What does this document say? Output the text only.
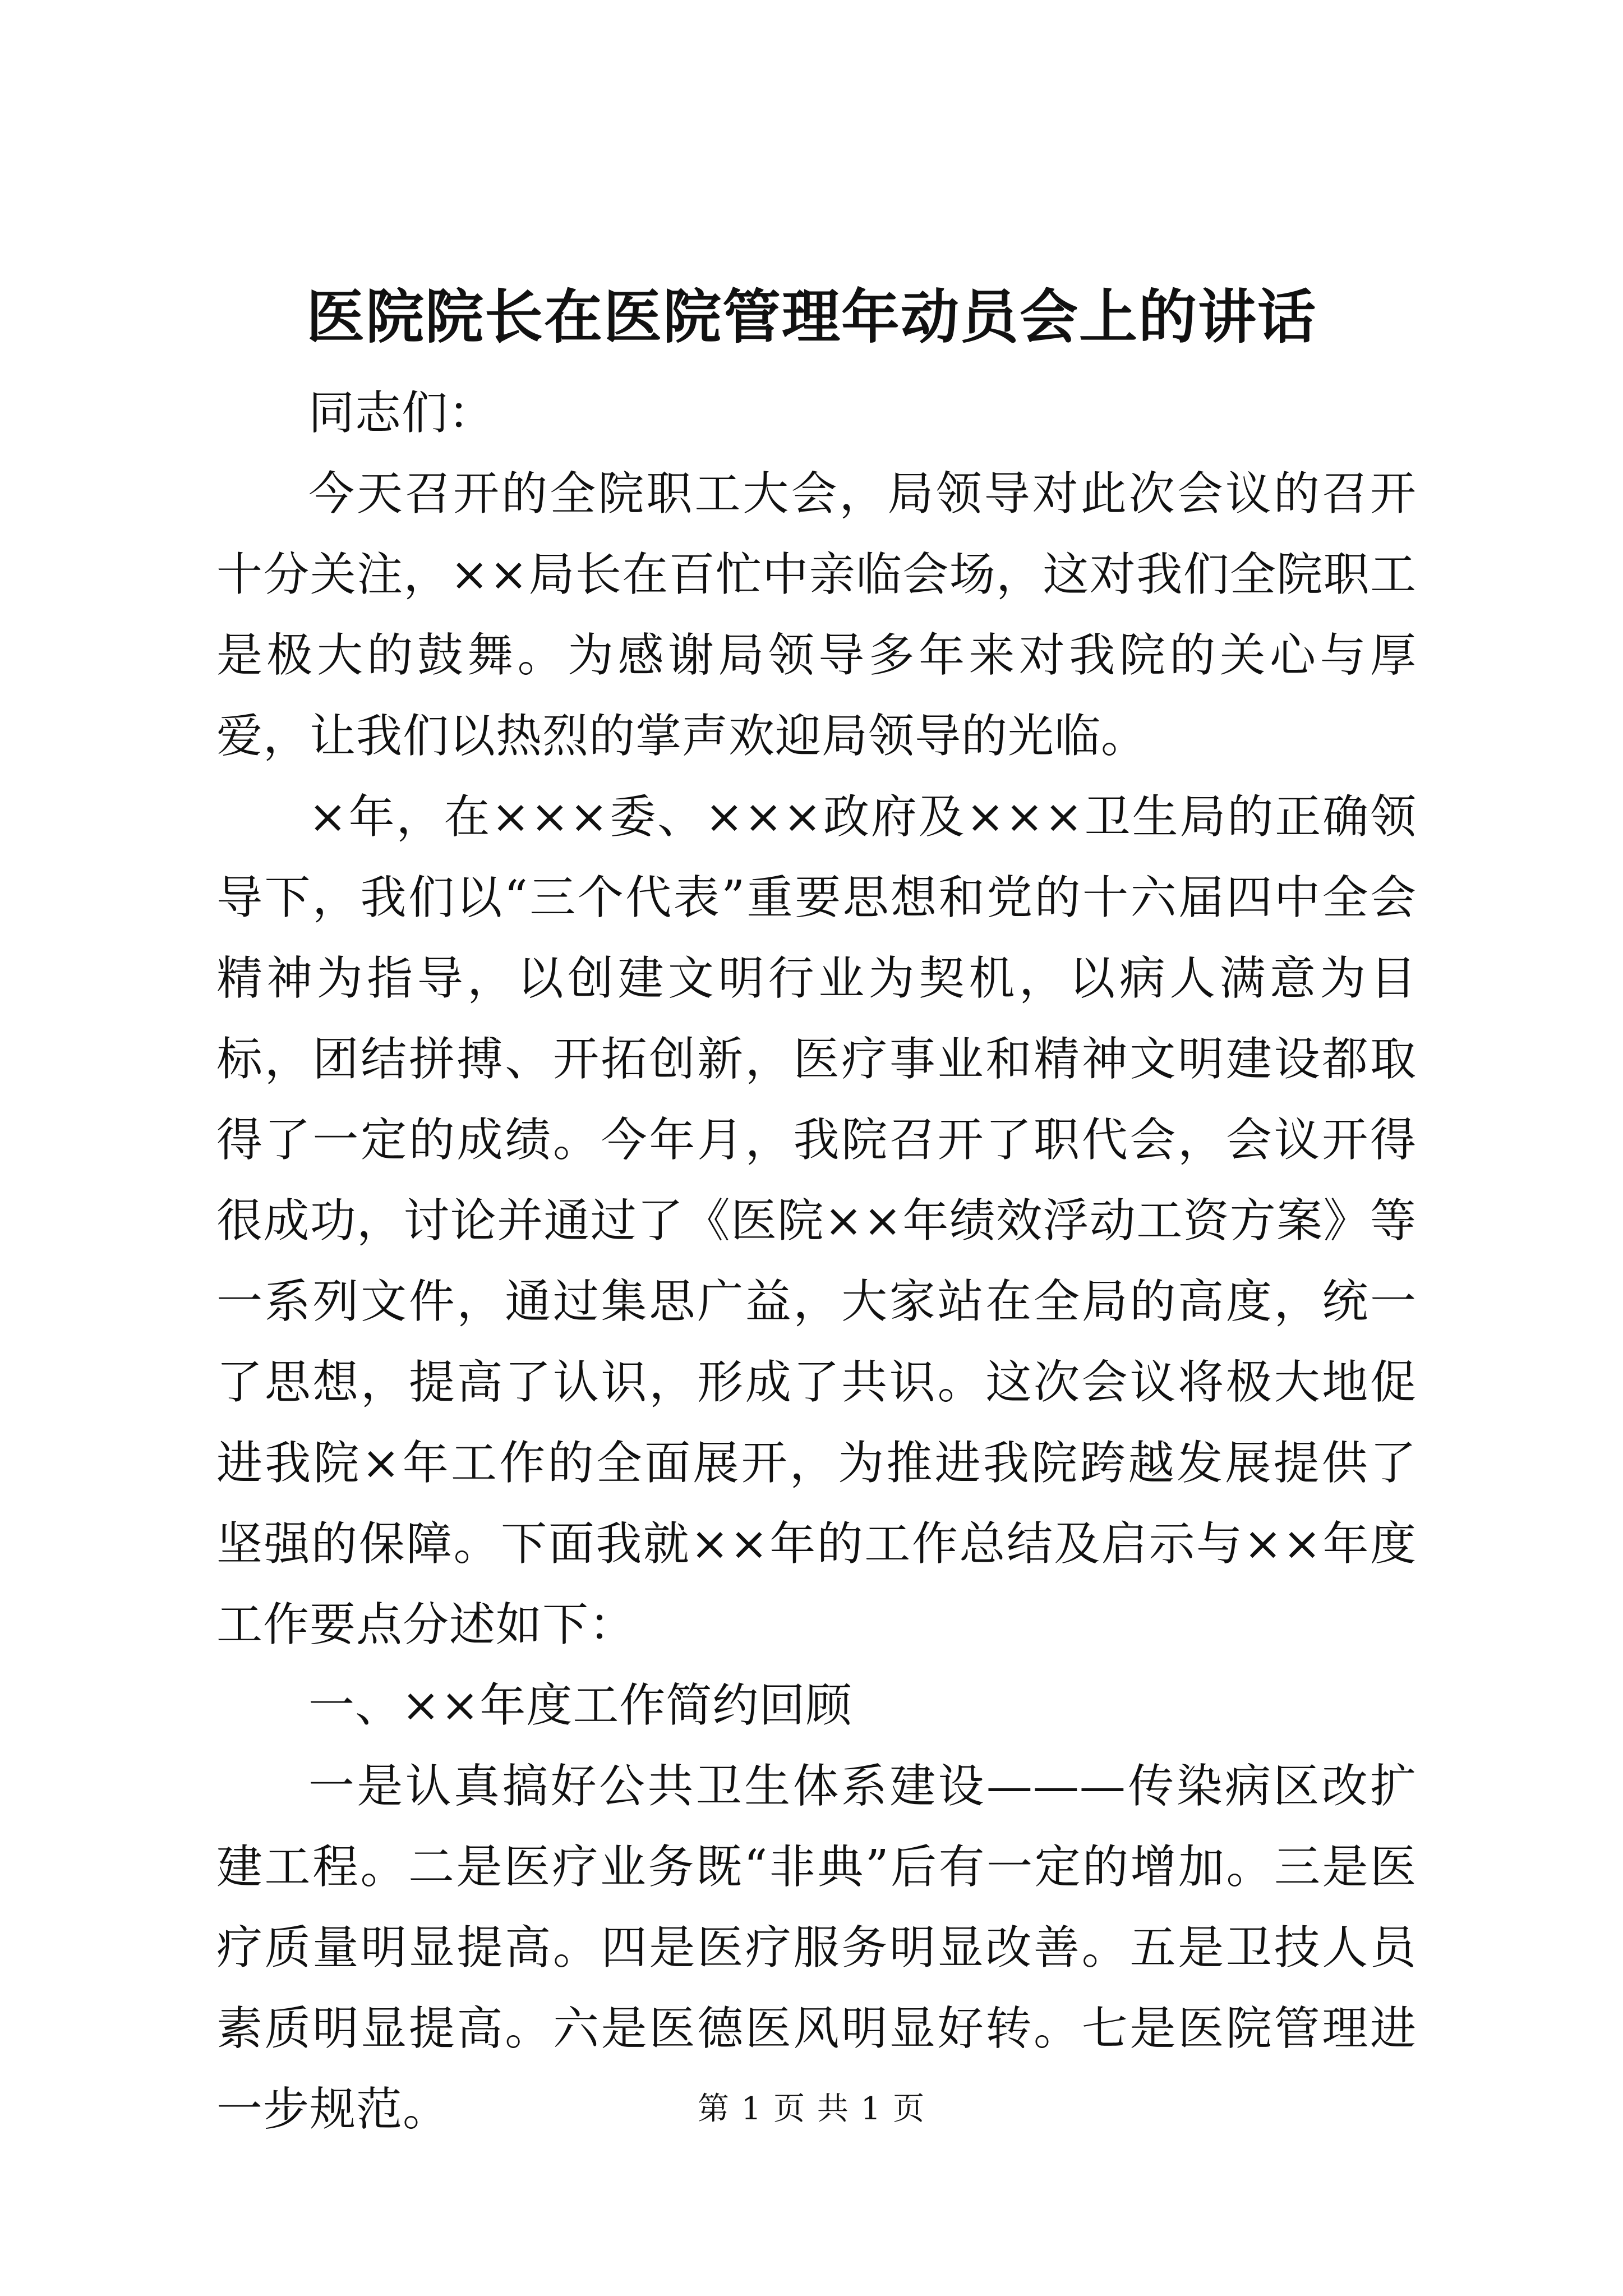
医院院长在医院管理年动员会上的讲话

同志们：

今天召开的全院职工大会，局领导对此次会议的召开十分关注，××局长在百忙中亲临会场，这对我们全院职工是极大的鼓舞。为感谢局领导多年来对我院的关心与厚爱，让我们以热烈的掌声欢迎局领导的光临。

×年，在×××委、×××政府及×××卫生局的正确领导下，我们以“三个代表”重要思想和党的十六届四中全会精神为指导，以创建文明行业为契机，以病人满意为目标，团结拼搏、开拓创新，医疗事业和精神文明建设都取得了一定的成绩。今年月，我院召开了职代会，会议开得很成功，讨论并通过了《医院××年绩效浮动工资方案》等一系列文件，通过集思广益，大家站在全局的高度，统一了思想，提高了认识，形成了共识。这次会议将极大地促进我院×年工作的全面展开，为推进我院跨越发展提供了坚强的保障。下面我就××年的工作总结及启示与××年度工作要点分述如下：

一、××年度工作简约回顾

一是认真搞好公共卫生体系建设———传染病区改扩建工程。二是医疗业务既“非典”后有一定的增加。三是医疗质量明显提高。四是医疗服务明显改善。五是卫技人员素质明显提高。六是医德医风明显好转。七是医院管理进一步规范。	第 1 页 共 1 页
